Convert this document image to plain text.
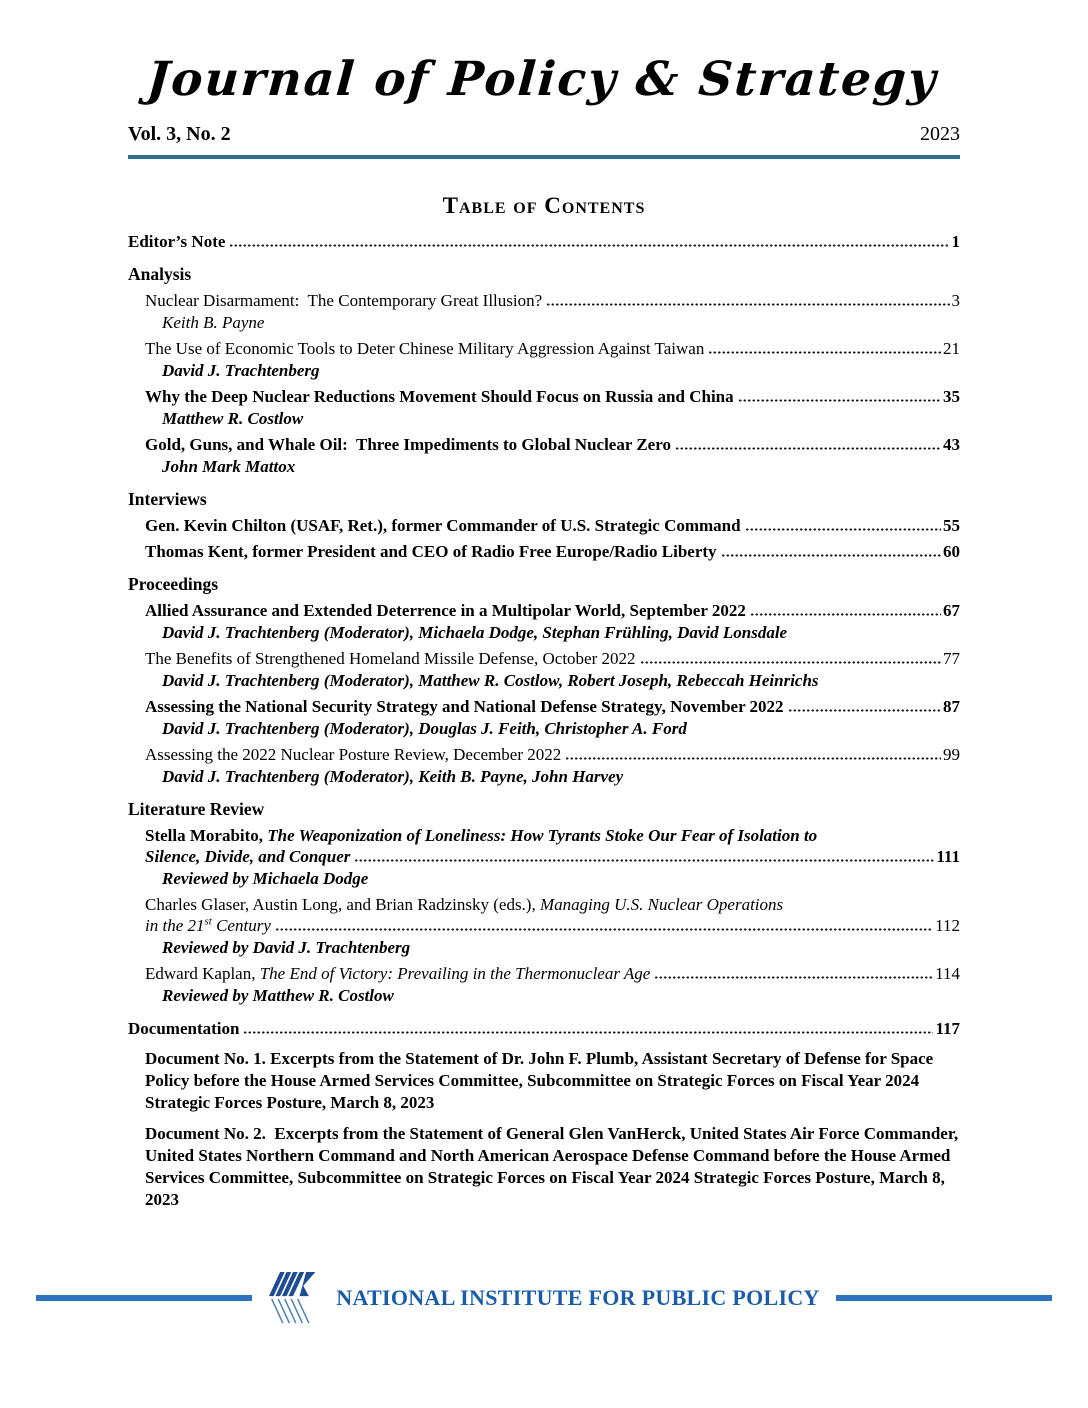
Journal of Policy & Strategy
Vol. 3, No. 2	2023
Table of Contents
Editor’s Note	1
Analysis
Nuclear Disarmament:  The Contemporary Great Illusion?	3
Keith B. Payne
The Use of Economic Tools to Deter Chinese Military Aggression Against Taiwan	21
David J. Trachtenberg
Why the Deep Nuclear Reductions Movement Should Focus on Russia and China	35
Matthew R. Costlow
Gold, Guns, and Whale Oil:  Three Impediments to Global Nuclear Zero	43
John Mark Mattox
Interviews
Gen. Kevin Chilton (USAF, Ret.), former Commander of U.S. Strategic Command	55
Thomas Kent, former President and CEO of Radio Free Europe/Radio Liberty	60
Proceedings
Allied Assurance and Extended Deterrence in a Multipolar World, September 2022	67
David J. Trachtenberg (Moderator), Michaela Dodge, Stephan Frühling, David Lonsdale
The Benefits of Strengthened Homeland Missile Defense, October 2022	77
David J. Trachtenberg (Moderator), Matthew R. Costlow, Robert Joseph, Rebeccah Heinrichs
Assessing the National Security Strategy and National Defense Strategy, November 2022	87
David J. Trachtenberg (Moderator), Douglas J. Feith, Christopher A. Ford
Assessing the 2022 Nuclear Posture Review, December 2022	99
David J. Trachtenberg (Moderator), Keith B. Payne, John Harvey
Literature Review
Stella Morabito, The Weaponization of Loneliness: How Tyrants Stoke Our Fear of Isolation to
Silence, Divide, and Conquer	111
Reviewed by Michaela Dodge
Charles Glaser, Austin Long, and Brian Radzinsky (eds.), Managing U.S. Nuclear Operations
in the 21st Century	112
Reviewed by David J. Trachtenberg
Edward Kaplan, The End of Victory: Prevailing in the Thermonuclear Age	114
Reviewed by Matthew R. Costlow
Documentation	117
Document No. 1. Excerpts from the Statement of Dr. John F. Plumb, Assistant Secretary of Defense for Space Policy before the House Armed Services Committee, Subcommittee on Strategic Forces on Fiscal Year 2024 Strategic Forces Posture, March 8, 2023
Document No. 2.  Excerpts from the Statement of General Glen VanHerck, United States Air Force Commander, United States Northern Command and North American Aerospace Defense Command before the House Armed Services Committee, Subcommittee on Strategic Forces on Fiscal Year 2024 Strategic Forces Posture, March 8, 2023
NATIONAL INSTITUTE FOR PUBLIC POLICY
